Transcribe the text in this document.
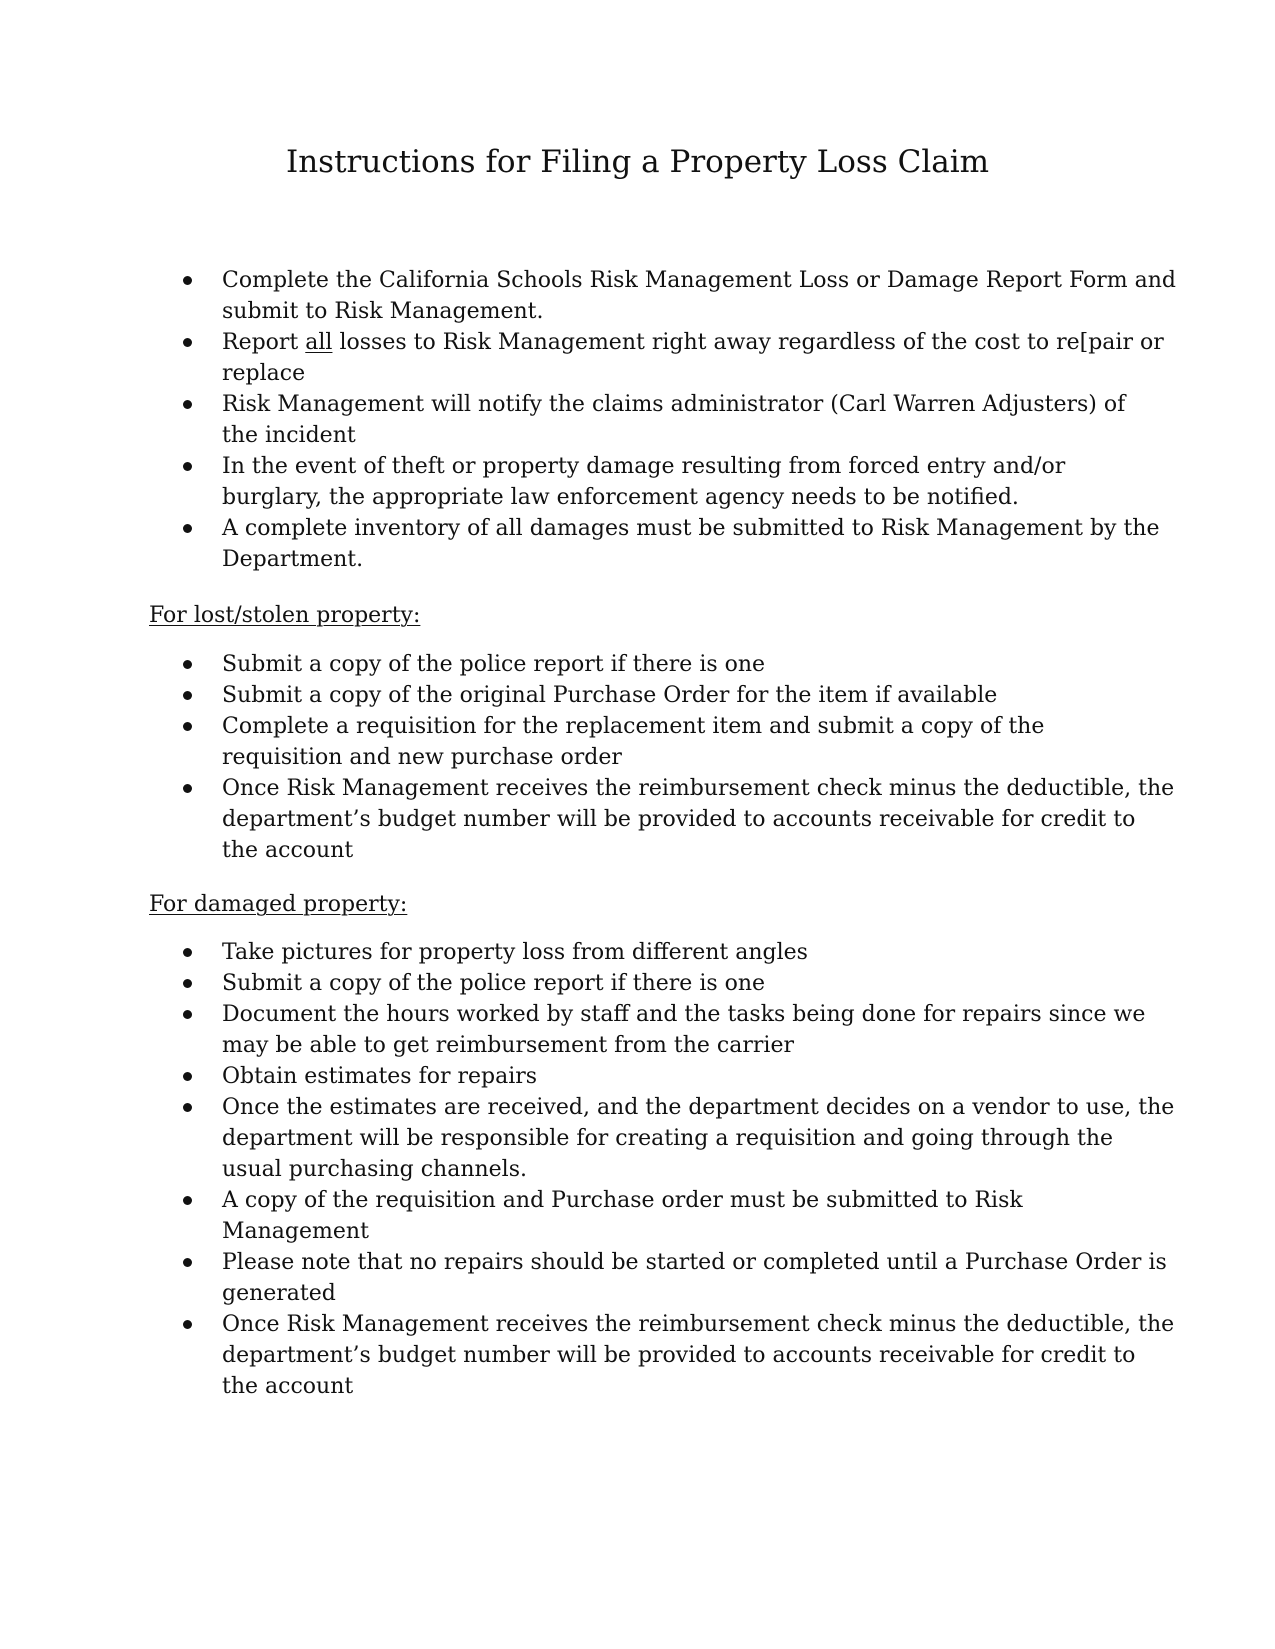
Instructions for Filing a Property Loss Claim
Complete the California Schools Risk Management Loss or Damage Report Form and
submit to Risk Management.
Report all losses to Risk Management right away regardless of the cost to re[pair or
replace
Risk Management will notify the claims administrator (Carl Warren Adjusters) of
the incident
In the event of theft or property damage resulting from forced entry and/or
burglary, the appropriate law enforcement agency needs to be notified.
A complete inventory of all damages must be submitted to Risk Management by the
Department.
For lost/stolen property:
Submit a copy of the police report if there is one
Submit a copy of the original Purchase Order for the item if available
Complete a requisition for the replacement item and submit a copy of the
requisition and new purchase order
Once Risk Management receives the reimbursement check minus the deductible, the
department’s budget number will be provided to accounts receivable for credit to
the account
For damaged property:
Take pictures for property loss from different angles
Submit a copy of the police report if there is one
Document the hours worked by staff and the tasks being done for repairs since we
may be able to get reimbursement from the carrier
Obtain estimates for repairs
Once the estimates are received, and the department decides on a vendor to use, the
department will be responsible for creating a requisition and going through the
usual purchasing channels.
A copy of the requisition and Purchase order must be submitted to Risk
Management
Please note that no repairs should be started or completed until a Purchase Order is
generated
Once Risk Management receives the reimbursement check minus the deductible, the
department’s budget number will be provided to accounts receivable for credit to
the account
